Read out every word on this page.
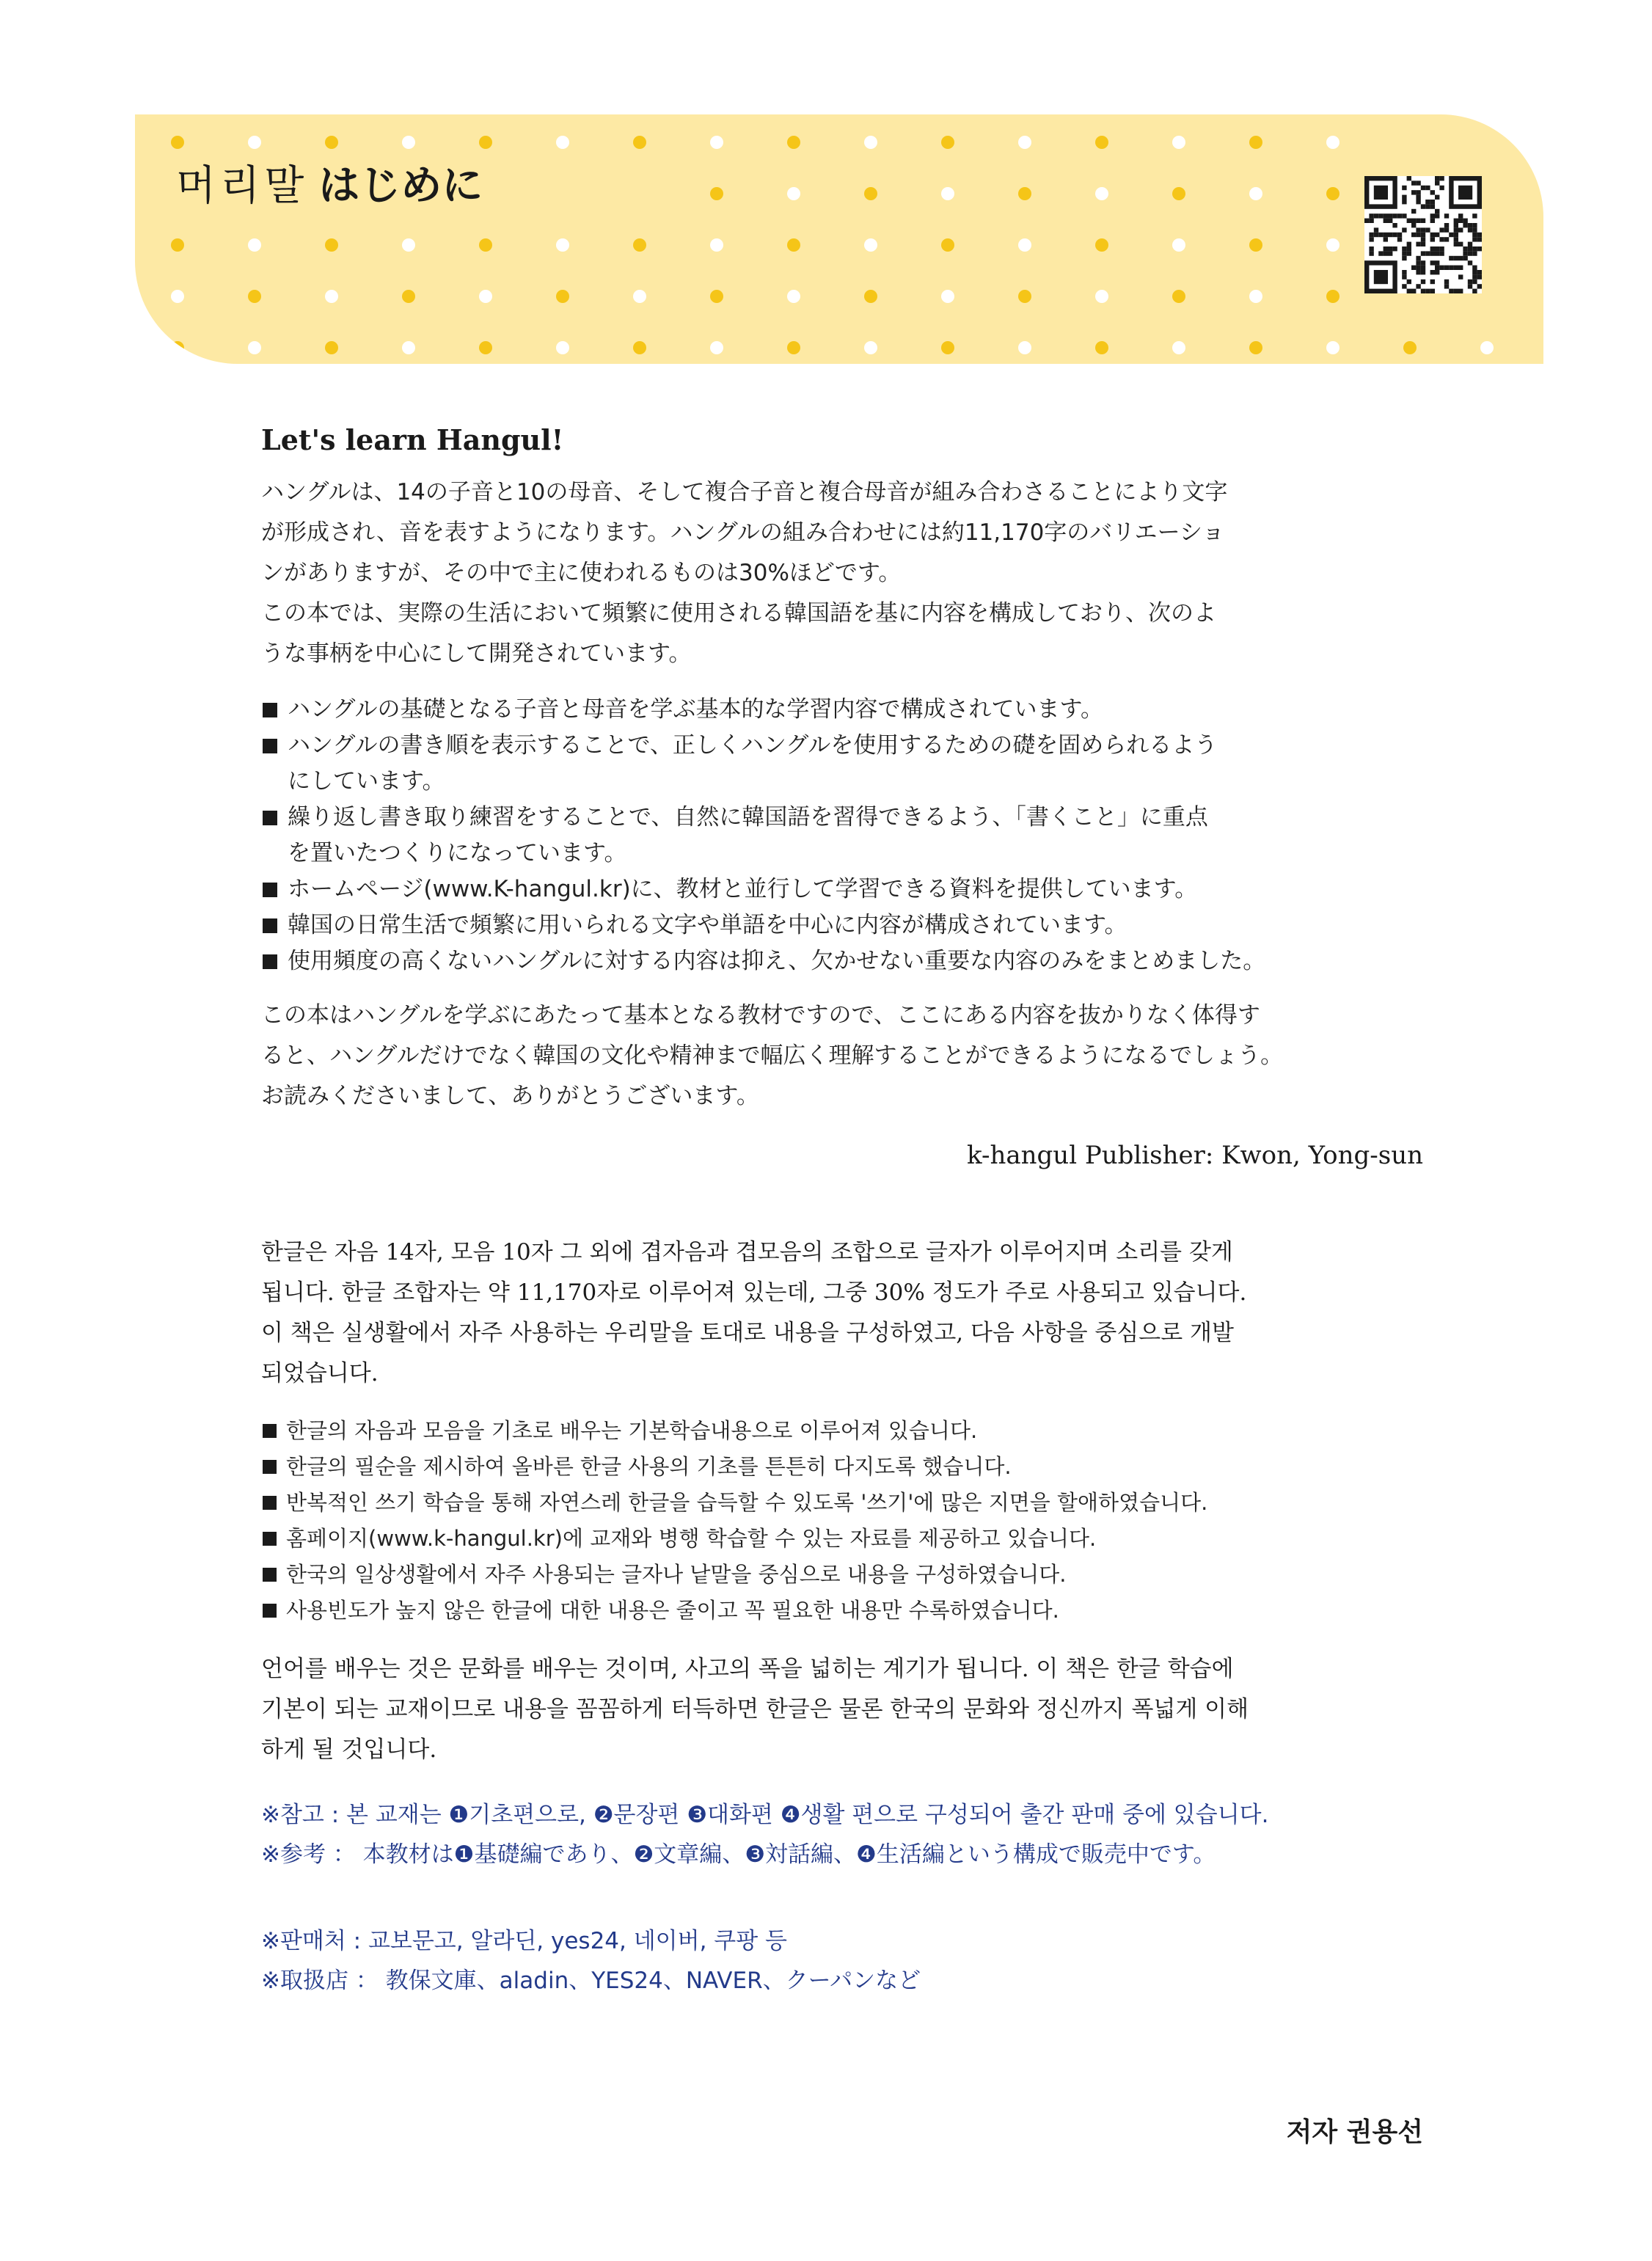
머리말 はじめに
Let's learn Hangul!

ハングルは、14の子音と10の母音、そして複合子音と複合母音が組み合わさることにより文字

が形成され、音を表すようになります。ハングルの組み合わせには約11,170字のバリエーショ

ンがありますが、その中で主に使われるものは30%ほどです。

この本では、実際の生活において頻繁に使用される韓国語を基に内容を構成しており、次のよ

うな事柄を中心にして開発されています。

ハングルの基礎となる子音と母音を学ぶ基本的な学習内容で構成されています。
ハングルの書き順を表示することで、正しくハングルを使用するための礎を固められるよう
にしています。
繰り返し書き取り練習をすることで、自然に韓国語を習得できるよう、「書くこと」に重点
を置いたつくりになっています。
ホームページ(www.K-hangul.kr)に、教材と並行して学習できる資料を提供しています。
韓国の日常生活で頻繁に用いられる文字や単語を中心に内容が構成されています。
使用頻度の高くないハングルに対する内容は抑え、欠かせない重要な内容のみをまとめました。

この本はハングルを学ぶにあたって基本となる教材ですので、ここにある内容を抜かりなく体得す

ると、ハングルだけでなく韓国の文化や精神まで幅広く理解することができるようになるでしょう。

お読みくださいまして、ありがとうございます。

k-hangul Publisher: Kwon, Yong-sun

한글은 자음 14자, 모음 10자 그 외에 겹자음과 겹모음의 조합으로 글자가 이루어지며 소리를 갖게

됩니다. 한글 조합자는 약 11,170자로 이루어져 있는데, 그중 30% 정도가 주로 사용되고 있습니다.

이 책은 실생활에서 자주 사용하는 우리말을 토대로 내용을 구성하였고, 다음 사항을 중심으로 개발

되었습니다.

한글의 자음과 모음을 기초로 배우는 기본학습내용으로 이루어져 있습니다.
한글의 필순을 제시하여 올바른 한글 사용의 기초를 튼튼히 다지도록 했습니다.
반복적인 쓰기 학습을 통해 자연스레 한글을 습득할 수 있도록 '쓰기'에 많은 지면을 할애하였습니다.
홈페이지(www.k-hangul.kr)에 교재와 병행 학습할 수 있는 자료를 제공하고 있습니다.
한국의 일상생활에서 자주 사용되는 글자나 낱말을 중심으로 내용을 구성하였습니다.
사용빈도가 높지 않은 한글에 대한 내용은 줄이고 꼭 필요한 내용만 수록하였습니다.

언어를 배우는 것은 문화를 배우는 것이며, 사고의 폭을 넓히는 계기가 됩니다. 이 책은 한글 학습에

기본이 되는 교재이므로 내용을 꼼꼼하게 터득하면 한글은 물론 한국의 문화와 정신까지 폭넓게 이해

하게 될 것입니다.

※참고 : 본 교재는 ❶기초편으로, ❷문장편 ❸대화편 ❹생활 편으로 구성되어 출간 판매 중에 있습니다.

※参考 ： 本教材は❶基礎編であり、❷文章編、❸対話編、❹生活編という構成で販売中です。

※판매처 : 교보문고, 알라딘, yes24, 네이버, 쿠팡 등

※取扱店 ： 教保文庫、aladin、YES24、NAVER、クーパンなど

저자 권용선
